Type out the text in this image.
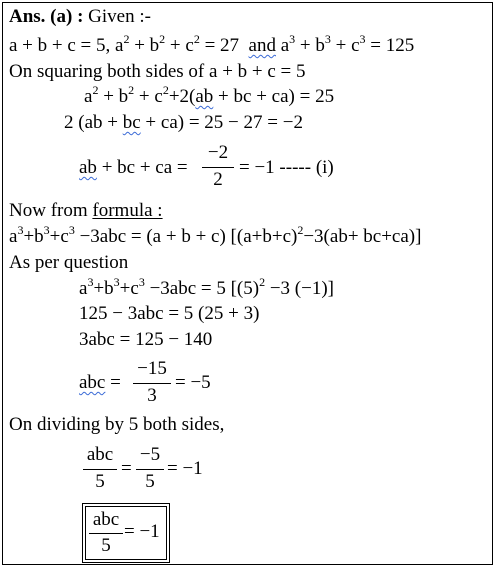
Ans. (a) : Given :-
a + b + c = 5, $a^2 + b^2 + c^2 = 27$ and $a^3 + b^3 + c^3 = 125$
On squaring both sides of a + b + c = 5
$a^2 + b^2 + c^2+2(ab$ + bc + ca) = 25
2 (ab + bc + ca) = 25 − 27 = −2
ab + bc + ca =
−2
2
= −1 ----- (i)
Now from formula :
$a^3+b^3+c^3 -3abc = (a + b + c)$ $[(a+b+c)^2-3(ab+ bc+ca)]$
As per question
$a^3+b^3+c^3 -3abc = 5$ [$(5)^2 -3$ (−1)]
125 − 3abc = 5 (25 + 3)
3abc = 125 − 140
abc =
−15
3
= −5
On dividing by 5 both sides,
abc
5
=
−5
5
= −1
abc
5
= −1
